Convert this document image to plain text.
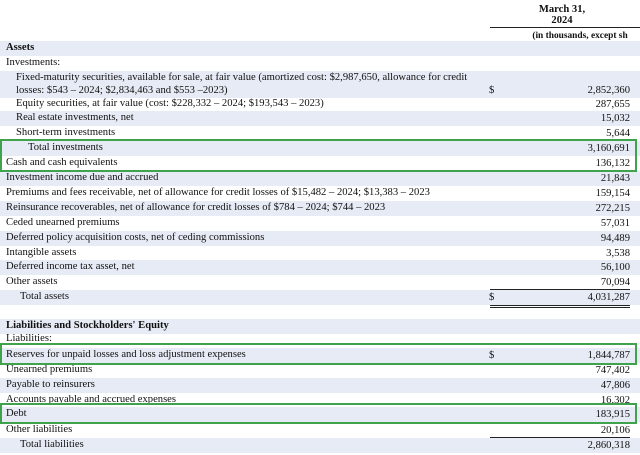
March 31,
2024
(in thousands, except sh
Assets
Investments:
Fixed-maturity securities, available for sale, at fair value (amortized cost: $2,987,650, allowance for credit losses: $543 – 2024; $2,834,463 and $553 –2023)	$	2,852,360
Equity securities, at fair value (cost: $228,332 – 2024; $193,543 – 2023)	287,655
Real estate investments, net	15,032
Short-term investments	5,644
Total investments	3,160,691
Cash and cash equivalents	136,132
Investment income due and accrued	21,843
Premiums and fees receivable, net of allowance for credit losses of $15,482 – 2024; $13,383 – 2023	159,154
Reinsurance recoverables, net of allowance for credit losses of $784 – 2024; $744 – 2023	272,215
Ceded unearned premiums	57,031
Deferred policy acquisition costs, net of ceding commissions	94,489
Intangible assets	3,538
Deferred income tax asset, net	56,100
Other assets	70,094
Total assets	$	4,031,287
Liabilities and Stockholders' Equity
Liabilities:
Reserves for unpaid losses and loss adjustment expenses	$	1,844,787
Unearned premiums	747,402
Payable to reinsurers	47,806
Accounts payable and accrued expenses	16,302
Debt	183,915
Other liabilities	20,106
Total liabilities	2,860,318
